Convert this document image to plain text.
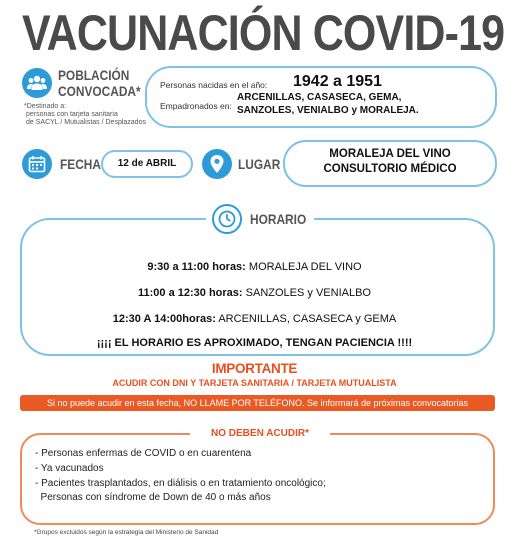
VACUNACIÓN COVID-19
POBLACIÓN
CONVOCADA*
*Destinado a:
personas con tarjeta sanitaria
de SACYL / Mutualistas / Desplazados
Personas nacidas en el año: 1942 a 1951
Empadronados en:
ARCENILLAS, CASASECA, GEMA,
SANZOLES, VENIALBO y MORALEJA.
FECHA	12 de ABRIL	LUGAR
MORALEJA DEL VINO
CONSULTORIO MÉDICO
HORARIO
9:30 a 11:00 horas: MORALEJA DEL VINO
11:00 a 12:30 horas: SANZOLES y VENIALBO
12:30 A 14:00horas: ARCENILLAS, CASASECA y GEMA
¡¡¡¡ EL HORARIO ES APROXIMADO, TENGAN PACIENCIA !!!!
IMPORTANTE
ACUDIR CON DNI Y TARJETA SANITARIA / TARJETA MUTUALISTA
Si no puede acudir en esta fecha, NO LLAME POR TELÉFONO. Se informará de próximas convocatorias
NO DEBEN ACUDIR*
- Personas enfermas de COVID o en cuarentena
- Ya vacunados
- Pacientes trasplantados, en diálisis o en tratamiento oncológico;
Personas con síndrome de Down de 40 o más años
*Grupos excluidos según la estrategia del Ministerio de Sanidad
